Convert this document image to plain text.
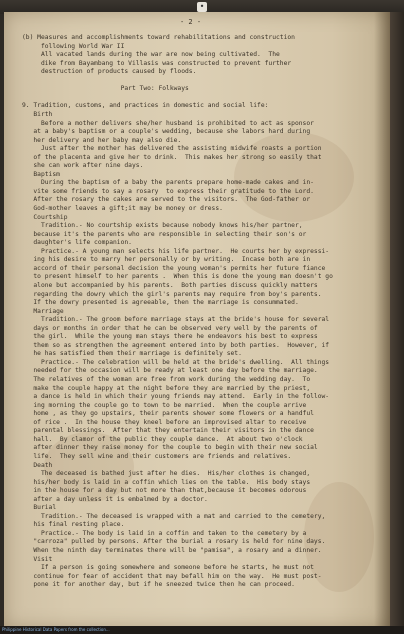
•

- 2 -

(b) Measures and accomplishments toward rehabilitations and construction
following World War II
All vacated lands during the war are now being cultivated.  The
dike from Bayambang to Villasis was constructed to prevent further
destruction of products caused by floods.
Part Two: Folkways
9. Tradition, customs, and practices in domestic and social life:
Birth
Before a mother delivers she/her husband is prohibited to act as sponsor
at a baby's baptism or a couple's wedding, because she labors hard during
her delivery and her baby may also die.
Just after the mother has delivered the assisting midwife roasts a portion
of the placenta and give her to drink.  This makes her strong so easily that
she can work after nine days.
Baptism
During the baptism of a baby the parents prepare home-made cakes and in-
vite some friends to say a rosary  to express their gratitude to the Lord.
After the rosary the cakes are served to the visitors.  The God-father or
God-mother leaves a gift;it may be money or dress.
Courtship
Tradition.- No courtship exists because nobody knows his/her partner,
because it's the parents who are responsible in selecting their son's or
daughter's life companion.
Practice.- A young man selects his life partner.  He courts her by expressi-
ing his desire to marry her personally or by writing.  Incase both are in
accord of their personal decision the young woman's permits her future fiance
to present himself to her parents .  When this is done the young man doesn't go
alone but accompanied by his parents.  Both parties discuss quickly matters
regarding the dowry which the girl's parents may require from boy's parents.
If the dowry presented is agreeable, then the marriage is consummated.
Marriage
Tradition.- The groom before marriage stays at the bride's house for several
days or months in order that he can be observed very well by the parents of
the girl.  While the young man stays there he endeavors his best to express
them so as strengthen the agreement entered into by both parties.  However, if
he has satisfied them their marriage is definitely set.
Practice.- The celebration will be held at the bride's dwelling.  All things
needed for the occasion will be ready at least one day before the marriage.
The relatives of the woman are free from work during the wedding day.  To
make the couple happy at the night before they are married by the priest,
a dance is held in which their young friends may attend.  Early in the follow-
ing morning the couple go to town to be married.  When the couple arrive
home , as they go upstairs, their parents shower some flowers or a handful
of rice .  In the house they kneel before an improvised altar to receive
parental blessings.  After that they entertain their visitors in the dance
hall.  By clamor of the public they couple dance.  At about two o'clock
after dinner they raise money for the couple to begin with their new social
life.  They sell wine and their customers are friends and relatives.
Death
The deceased is bathed just after he dies.  His/her clothes is changed,
his/her body is laid in a coffin which lies on the table.  His body stays
in the house for a day but not more than that,because it becomes odorous
after a day unless it is embalmed by a doctor.
Burial
Tradition.- The deceased is wrapped with a mat and carried to the cemetery,
his final resting place.
Practice.- The body is laid in a coffin and taken to the cemetery by a
"carroza" pulled by persons. After the burial a rosary is held for nine days.
When the ninth day terminates there will be "pamisa", a rosary and a dinner.
Visit
If a person is going somewhere and someone before he starts, he must not
continue for fear of accident that may befall him on the way.  He must post-
pone it for another day, but if he sneezed twice then he can proceed.
Philippine Historical Data Papers from the collection...
